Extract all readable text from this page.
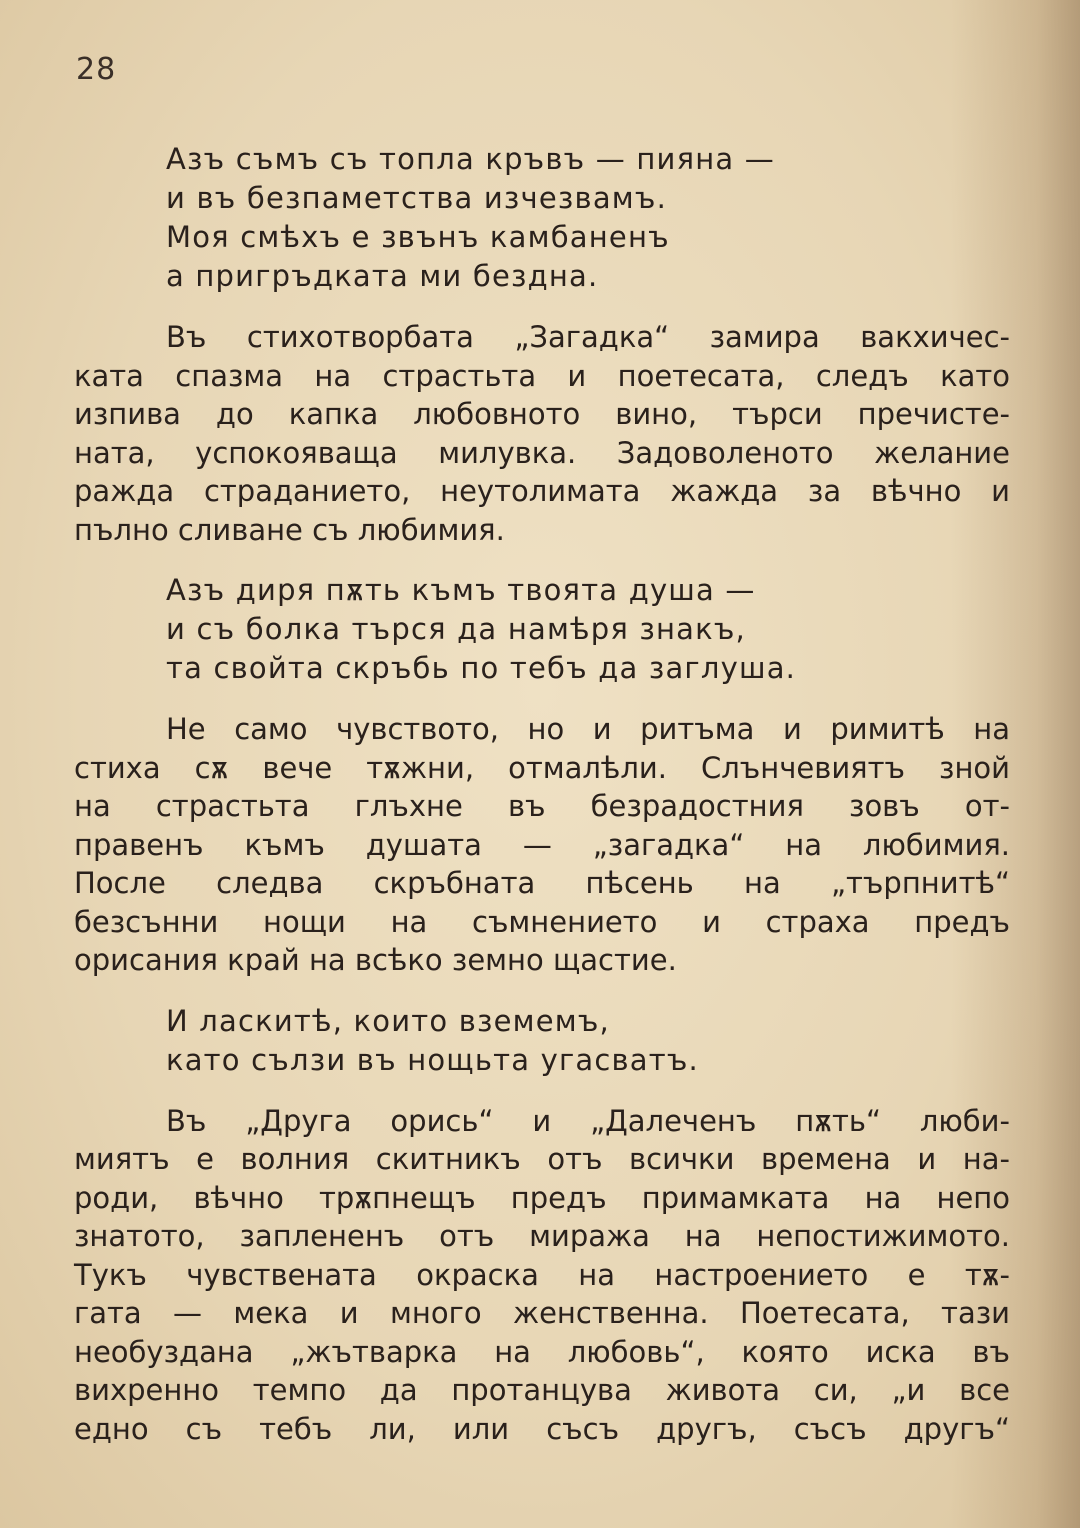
28
Азъ съмъ съ топла кръвъ — пияна —
и въ безпаметства изчезвамъ.
Моя смѣхъ е звънъ камбаненъ
а пригръдката ми бездна.
Въ стихотворбата „Загадка“ замира вакхичес-
ката спазма на страстьта и поетесата, следъ като
изпива до капка любовното вино, търси пречисте-
ната, успокояваща милувка. Задоволеното желание
ражда страданието, неутолимата жажда за вѣчно и
пълно сливане съ любимия.
Азъ диря пѫть къмъ твоята душа —
и съ болка търся да намѣря знакъ,
та свойта скръбь по тебъ да заглуша.
Не само чувството, но и ритъма и римитѣ на
стиха сѫ вече тѫжни, отмалѣли. Слънчевиятъ зной
на страстьта глъхне въ безрадостния зовъ от-
правенъ къмъ душата — „загадка“ на любимия.
После следва скръбната пѣсень на „търпнитѣ“
безсънни нощи на съмнението и страха предъ
орисания край на всѣко земно щастие.
И ласкитѣ, които вземемъ,
като сълзи въ нощьта угасватъ.
Въ „Друга орись“ и „Далеченъ пѫть“ люби-
миятъ е волния скитникъ отъ всички времена и на-
роди, вѣчно трѫпнещъ предъ примамката на непо
знатото, заплененъ отъ миража на непостижимото.
Тукъ чувствената окраска на настроението е тѫ-
гата — мека и много женственна. Поетесата, тази
необуздана „жътварка на любовь“, която иска въ
вихренно темпо да протанцува живота си, „и все
едно съ тебъ ли, или съсъ другъ, съсъ другъ“
